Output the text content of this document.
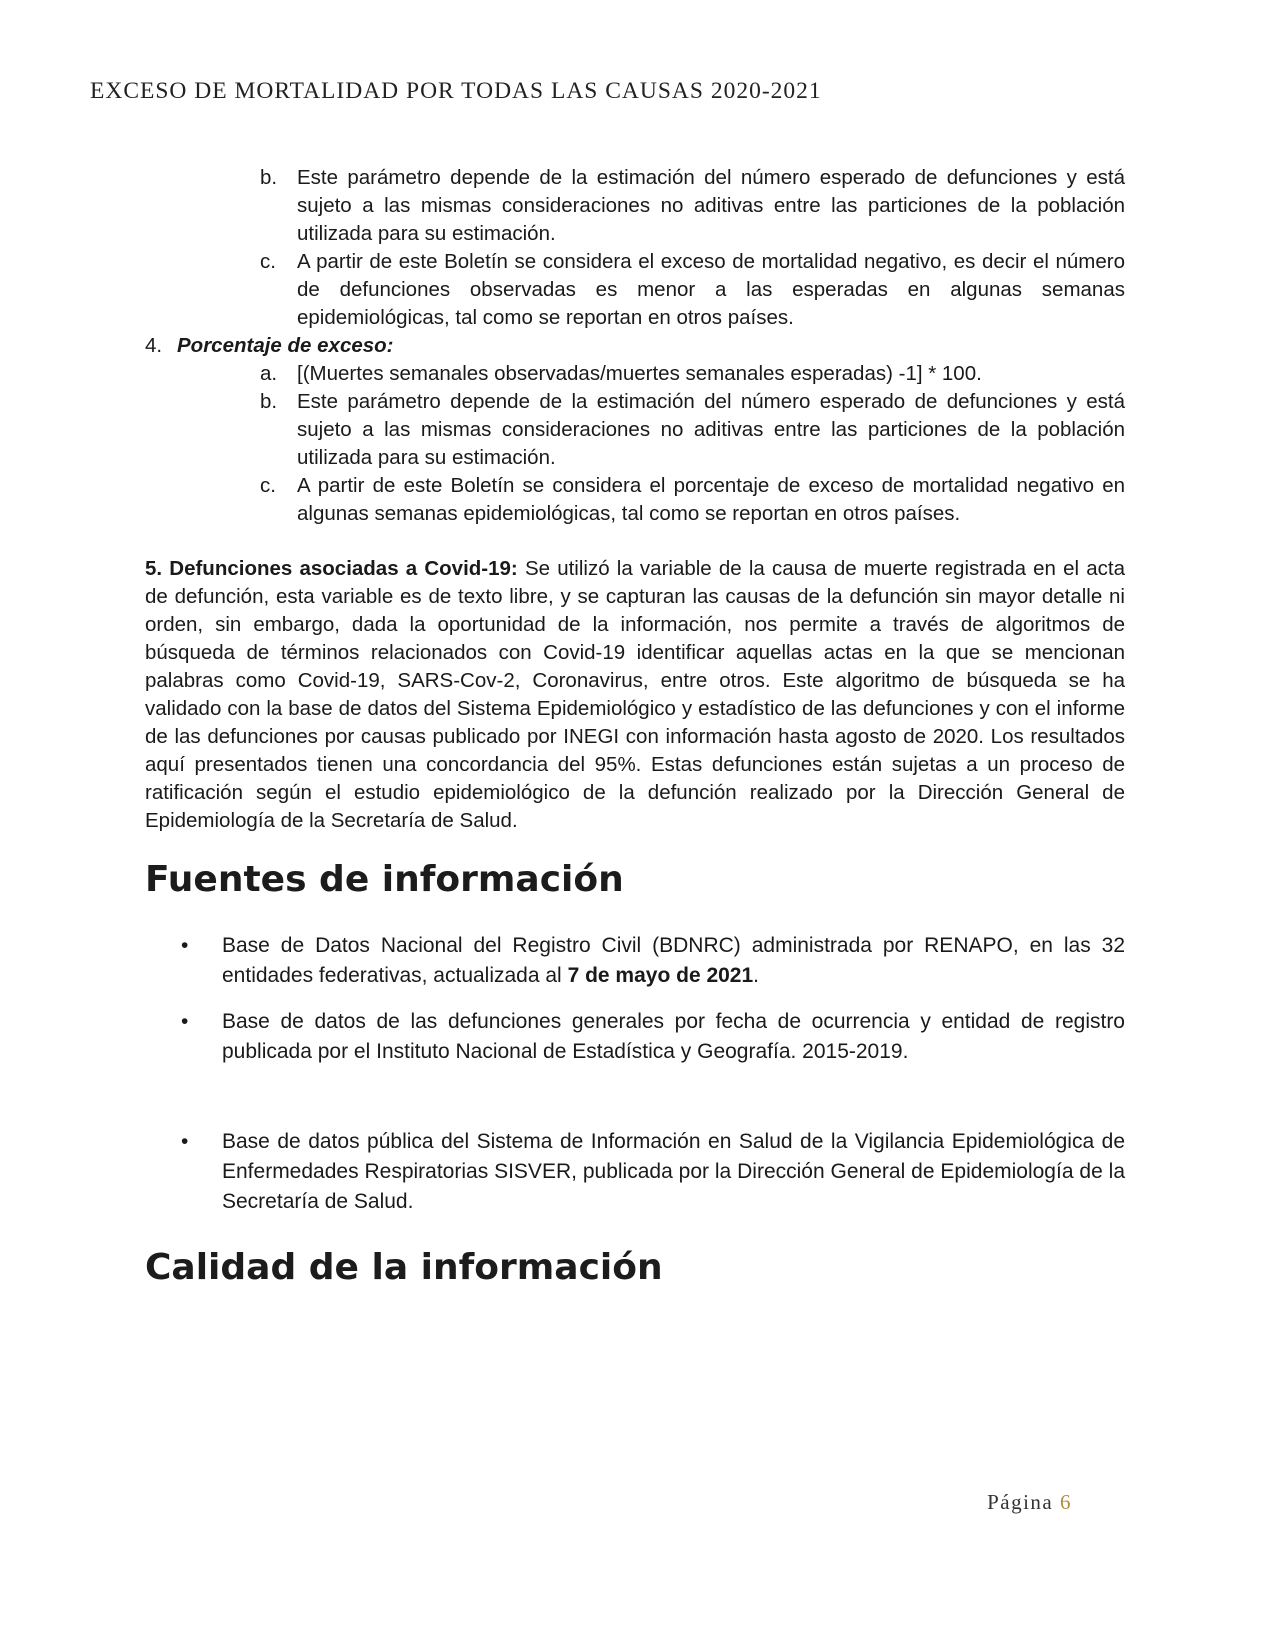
EXCESO DE MORTALIDAD POR TODAS LAS CAUSAS 2020-2021
b. Este parámetro depende de la estimación del número esperado de defunciones y está sujeto a las mismas consideraciones no aditivas entre las particiones de la población utilizada para su estimación.
c.	A partir de este Boletín se considera el exceso de mortalidad negativo, es decir el número de defunciones observadas es menor a las esperadas en algunas semanas epidemiológicas, tal como se reportan en otros países.
4. Porcentaje de exceso:
a. [(Muertes semanales observadas/muertes semanales esperadas) -1] * 100.
b. Este parámetro depende de la estimación del número esperado de defunciones y está sujeto a las mismas consideraciones no aditivas entre las particiones de la población utilizada para su estimación.
c.	A partir de este Boletín se considera el porcentaje de exceso de mortalidad negativo en algunas semanas epidemiológicas, tal como se reportan en otros países.
5. Defunciones asociadas a Covid-19: Se utilizó la variable de la causa de muerte registrada en el acta de defunción, esta variable es de texto libre, y se capturan las causas de la defunción sin mayor detalle ni orden, sin embargo, dada la oportunidad de la información, nos permite a través de algoritmos de búsqueda de términos relacionados con Covid-19 identificar aquellas actas en la que se mencionan palabras como Covid-19, SARS-Cov-2, Coronavirus, entre otros. Este algoritmo de búsqueda se ha validado con la base de datos del Sistema Epidemiológico y estadístico de las defunciones y con el informe de las defunciones por causas publicado por INEGI con información hasta agosto de 2020. Los resultados aquí presentados tienen una concordancia del 95%. Estas defunciones están sujetas a un proceso de ratificación según el estudio epidemiológico de la defunción realizado por la Dirección General de Epidemiología de la Secretaría de Salud.
Fuentes de información
• Base de Datos Nacional del Registro Civil (BDNRC) administrada por RENAPO, en las 32 entidades federativas, actualizada al 7 de mayo de 2021.
• Base de datos de las defunciones generales por fecha de ocurrencia y entidad de registro publicada por el Instituto Nacional de Estadística y Geografía. 2015-2019.
• Base de datos pública del Sistema de Información en Salud de la Vigilancia Epidemiológica de Enfermedades Respiratorias SISVER, publicada por la Dirección General de Epidemiología de la Secretaría de Salud.
Calidad de la información
Página 6
